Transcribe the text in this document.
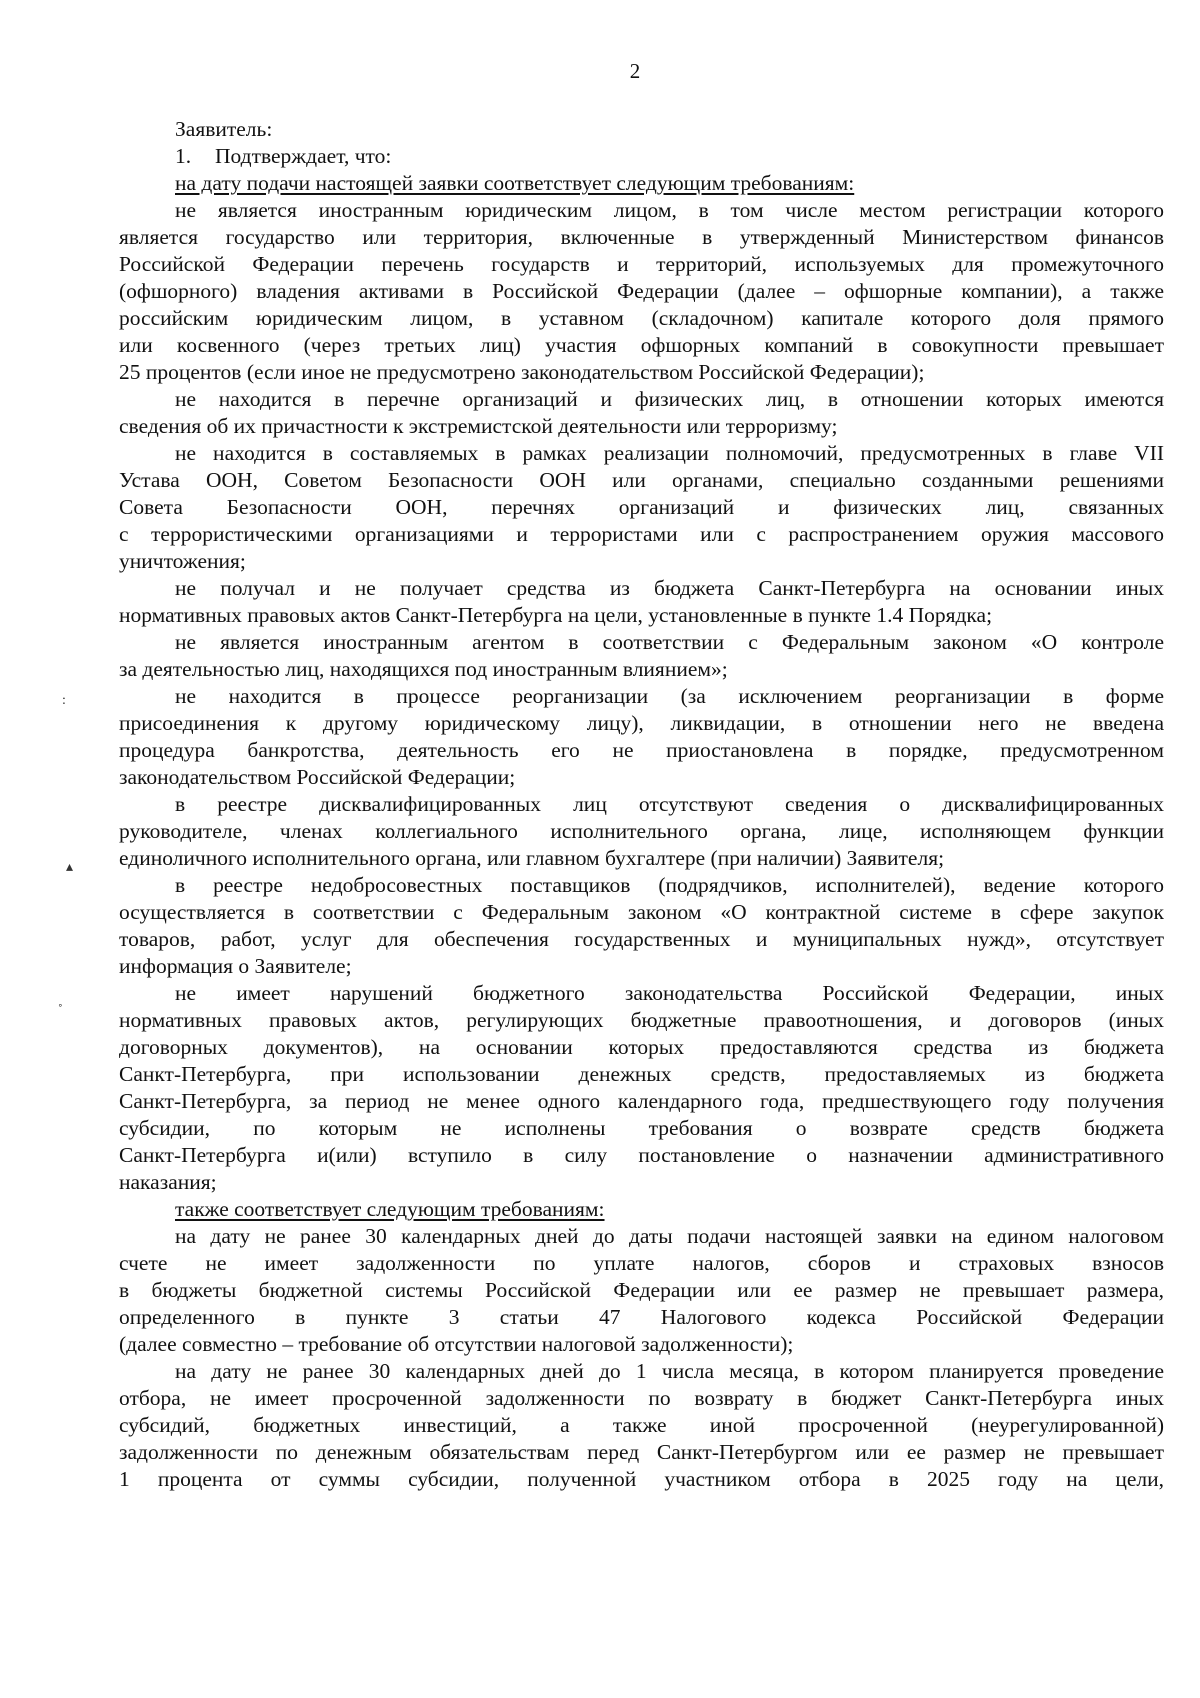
2
:
▴
˚
Заявитель:
1. Подтверждает, что:
на дату подачи настоящей заявки соответствует следующим требованиям:
не является иностранным юридическим лицом, в том числе местом регистрации которого
является государство или территория, включенные в утвержденный Министерством финансов
Российской Федерации перечень государств и территорий, используемых для промежуточного
(офшорного) владения активами в Российской Федерации (далее – офшорные компании), а также
российским юридическим лицом, в уставном (складочном) капитале которого доля прямого
или косвенного (через третьих лиц) участия офшорных компаний в совокупности превышает
25 процентов (если иное не предусмотрено законодательством Российской Федерации);
не находится в перечне организаций и физических лиц, в отношении которых имеются
сведения об их причастности к экстремистской деятельности или терроризму;
не находится в составляемых в рамках реализации полномочий, предусмотренных в главе VII
Устава ООН, Советом Безопасности ООН или органами, специально созданными решениями
Совета Безопасности ООН, перечнях организаций и физических лиц, связанных
с террористическими организациями и террористами или с распространением оружия массового
уничтожения;
не получал и не получает средства из бюджета Санкт-Петербурга на основании иных
нормативных правовых актов Санкт-Петербурга на цели, установленные в пункте 1.4 Порядка;
не является иностранным агентом в соответствии с Федеральным законом «О контроле
за деятельностью лиц, находящихся под иностранным влиянием»;
не находится в процессе реорганизации (за исключением реорганизации в форме
присоединения к другому юридическому лицу), ликвидации, в отношении него не введена
процедура банкротства, деятельность его не приостановлена в порядке, предусмотренном
законодательством Российской Федерации;
в реестре дисквалифицированных лиц отсутствуют сведения о дисквалифицированных
руководителе, членах коллегиального исполнительного органа, лице, исполняющем функции
единоличного исполнительного органа, или главном бухгалтере (при наличии) Заявителя;
в реестре недобросовестных поставщиков (подрядчиков, исполнителей), ведение которого
осуществляется в соответствии с Федеральным законом «О контрактной системе в сфере закупок
товаров, работ, услуг для обеспечения государственных и муниципальных нужд», отсутствует
информация о Заявителе;
не имеет нарушений бюджетного законодательства Российской Федерации, иных
нормативных правовых актов, регулирующих бюджетные правоотношения, и договоров (иных
договорных документов), на основании которых предоставляются средства из бюджета
Санкт-Петербурга, при использовании денежных средств, предоставляемых из бюджета
Санкт-Петербурга, за период не менее одного календарного года, предшествующего году получения
субсидии, по которым не исполнены требования о возврате средств бюджета
Санкт-Петербурга и(или) вступило в силу постановление о назначении административного
наказания;
также соответствует следующим требованиям:
на дату не ранее 30 календарных дней до даты подачи настоящей заявки на едином налоговом
счете не имеет задолженности по уплате налогов, сборов и страховых взносов
в бюджеты бюджетной системы Российской Федерации или ее размер не превышает размера,
определенного в пункте 3 статьи 47 Налогового кодекса Российской Федерации
(далее совместно – требование об отсутствии налоговой задолженности);
на дату не ранее 30 календарных дней до 1 числа месяца, в котором планируется проведение
отбора, не имеет просроченной задолженности по возврату в бюджет Санкт-Петербурга иных
субсидий, бюджетных инвестиций, а также иной просроченной (неурегулированной)
задолженности по денежным обязательствам перед Санкт-Петербургом или ее размер не превышает
1 процента от суммы субсидии, полученной участником отбора в 2025 году на цели,
